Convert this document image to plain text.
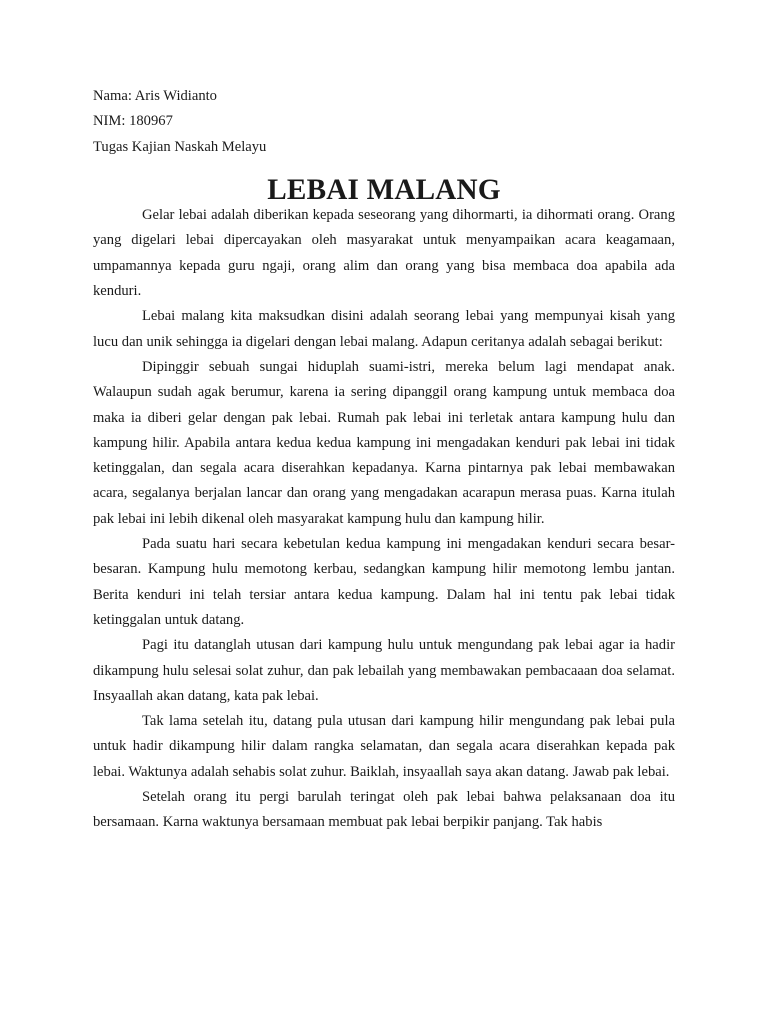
Nama: Aris Widianto

NIM: 180967

Tugas Kajian Naskah Melayu

LEBAI MALANG

Gelar lebai adalah diberikan kepada seseorang yang dihormarti, ia dihormati orang. Orang yang digelari lebai dipercayakan oleh masyarakat untuk menyampaikan acara keagamaan, umpamannya kepada guru ngaji, orang alim dan orang yang bisa membaca doa apabila ada kenduri.

Lebai malang kita maksudkan disini adalah seorang lebai yang mempunyai kisah yang lucu dan unik sehingga ia digelari dengan lebai malang. Adapun ceritanya adalah sebagai berikut:

Dipinggir sebuah sungai hiduplah suami-istri, mereka belum lagi mendapat anak. Walaupun sudah agak berumur, karena ia sering dipanggil orang kampung untuk membaca doa maka ia diberi gelar dengan pak lebai. Rumah pak lebai ini terletak antara kampung hulu dan kampung hilir. Apabila antara kedua kedua kampung ini mengadakan kenduri pak lebai ini tidak ketinggalan, dan segala acara diserahkan kepadanya. Karna pintarnya pak lebai membawakan acara, segalanya berjalan lancar dan orang yang mengadakan acarapun merasa puas. Karna itulah pak lebai ini lebih dikenal oleh masyarakat kampung hulu dan kampung hilir.

Pada suatu hari secara kebetulan kedua kampung ini mengadakan kenduri secara besar-besaran. Kampung hulu memotong kerbau, sedangkan kampung hilir memotong lembu jantan. Berita kenduri ini telah tersiar antara kedua kampung. Dalam hal ini tentu pak lebai tidak ketinggalan untuk datang.

Pagi itu datanglah utusan dari kampung hulu untuk mengundang pak lebai agar ia hadir dikampung hulu selesai solat zuhur, dan pak lebailah yang membawakan pembacaaan doa selamat. Insyaallah akan datang, kata pak lebai.

Tak lama setelah itu, datang pula utusan dari kampung hilir mengundang pak lebai pula untuk hadir dikampung hilir dalam rangka selamatan, dan segala acara diserahkan kepada pak lebai. Waktunya adalah sehabis solat zuhur. Baiklah, insyaallah saya akan datang. Jawab pak lebai.

Setelah orang itu pergi barulah teringat oleh pak lebai bahwa pelaksanaan doa itu bersamaan. Karna waktunya bersamaan membuat pak lebai berpikir panjang. Tak habis
